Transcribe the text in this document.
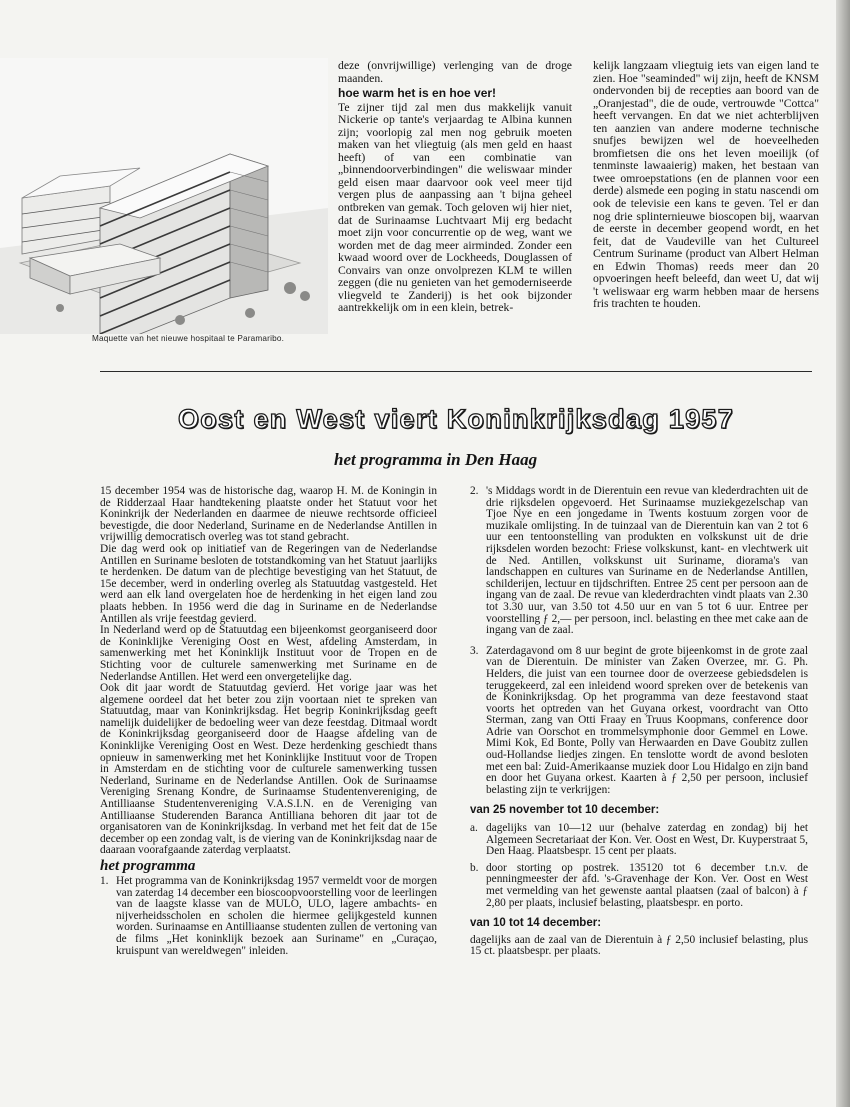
Maquette van het nieuwe hospitaal te Paramaribo.

deze (onvrijwillige) verlenging van de droge maanden.

hoe warm het is en hoe ver!

Te zijner tijd zal men dus makkelijk vanuit Nickerie op tante's verjaardag te Albina kunnen zijn; voorlopig zal men nog gebruik moeten maken van het vliegtuig (als men geld en haast heeft) of van een combinatie van „binnendoorverbindingen" die weliswaar minder geld eisen maar daarvoor ook veel meer tijd vergen plus de aanpassing aan 't bijna geheel ontbreken van gemak. Toch geloven wij hier niet, dat de Surinaamse Luchtvaart Mij erg bedacht moet zijn voor concurrentie op de weg, want we worden met de dag meer airminded. Zonder een kwaad woord over de Lockheeds, Douglassen of Convairs van onze onvolprezen KLM te willen zeggen (die nu genieten van het gemoderniseerde vliegveld te Zanderij) is het ook bijzonder aantrekkelijk om in een klein, betrek-

kelijk langzaam vliegtuig iets van eigen land te zien. Hoe "seaminded" wij zijn, heeft de KNSM ondervonden bij de recepties aan boord van de „Oranjestad", die de oude, vertrouwde "Cottca" heeft vervangen. En dat we niet achterblijven ten aanzien van andere moderne technische snufjes bewijzen wel de hoeveelheden bromfietsen die ons het leven moeilijk (of tenminste lawaaierig) maken, het bestaan van twee omroepstations (en de plannen voor een derde) alsmede een poging in statu nascendi om ook de televisie een kans te geven. Tel er dan nog drie splinternieuwe bioscopen bij, waarvan de eerste in december geopend wordt, en het feit, dat de Vaudeville van het Cultureel Centrum Suriname (product van Albert Helman en Edwin Thomas) reeds meer dan 20 opvoeringen heeft beleefd, dan weet U, dat wij 't weliswaar erg warm hebben maar de hersens fris trachten te houden.

Oost en West viert Koninkrijksdag 1957
het programma in Den Haag

15 december 1954 was de historische dag, waarop H. M. de Koningin in de Ridderzaal Haar handtekening plaatste onder het Statuut voor het Koninkrijk der Nederlanden en daarmee de nieuwe rechtsorde officieel bevestigde, die door Nederland, Suriname en de Nederlandse Antillen in vrijwillig democratisch overleg was tot stand gebracht.

Die dag werd ook op initiatief van de Regeringen van de Nederlandse Antillen en Suriname besloten de totstandkoming van het Statuut jaarlijks te herdenken. De datum van de plechtige bevestiging van het Statuut, de 15e december, werd in onderling overleg als Statuutdag vastgesteld. Het werd aan elk land overgelaten hoe de herdenking in het eigen land zou plaats hebben. In 1956 werd die dag in Suriname en de Nederlandse Antillen als vrije feestdag gevierd.

In Nederland werd op de Statuutdag een bijeenkomst georganiseerd door de Koninklijke Vereniging Oost en West, afdeling Amsterdam, in samenwerking met het Koninklijk Instituut voor de Tropen en de Stichting voor de culturele samenwerking met Suriname en de Nederlandse Antillen. Het werd een onvergetelijke dag.

Ook dit jaar wordt de Statuutdag gevierd. Het vorige jaar was het algemene oordeel dat het beter zou zijn voortaan niet te spreken van Statuutdag, maar van Koninkrijksdag. Het begrip Koninkrijksdag geeft namelijk duidelijker de bedoeling weer van deze feestdag. Ditmaal wordt de Koninkrijksdag georganiseerd door de Haagse afdeling van de Koninklijke Vereniging Oost en West. Deze herdenking geschiedt thans opnieuw in samenwerking met het Koninklijke Instituut voor de Tropen in Amsterdam en de stichting voor de culturele samenwerking tussen Nederland, Suriname en de Nederlandse Antillen. Ook de Surinaamse Vereniging Srenang Kondre, de Surinaamse Studentenvereniging, de Antilliaanse Studentenvereniging V.A.S.I.N. en de Vereniging van Antilliaanse Studerenden Baranca Antilliana behoren dit jaar tot de organisatoren van de Koninkrijksdag. In verband met het feit dat de 15e december op een zondag valt, is de viering van de Koninkrijksdag naar de daaraan voorafgaande zaterdag verplaatst.

het programma
1. Het programma van de Koninkrijksdag 1957 vermeldt voor de morgen van zaterdag 14 december een bioscoopvoorstelling voor de leerlingen van de laagste klasse van de MULO, ULO, lagere ambachts- en nijverheidsscholen en scholen die hiermee gelijkgesteld kunnen worden. Surinaamse en Antilliaanse studenten zullen de vertoning van de films „Het koninklijk bezoek aan Suriname" en „Curaçao, kruispunt van wereldwegen" inleiden.
2. 's Middags wordt in de Dierentuin een revue van klederdrachten uit de drie rijksdelen opgevoerd. Het Surinaamse muziekgezelschap van Tjoe Nye en een jongedame in Twents kostuum zorgen voor de muzikale omlijsting. In de tuinzaal van de Dierentuin kan van 2 tot 6 uur een tentoonstelling van produkten en volkskunst uit de drie rijksdelen worden bezocht: Friese volkskunst, kant- en vlechtwerk uit de Ned. Antillen, volkskunst uit Suriname, diorama's van landschappen en cultures van Suriname en de Nederlandse Antillen, schilderijen, lectuur en tijdschriften. Entree 25 cent per persoon aan de ingang van de zaal. De revue van klederdrachten vindt plaats van 2.30 tot 3.30 uur, van 3.50 tot 4.50 uur en van 5 tot 6 uur. Entree per voorstelling ƒ 2,— per persoon, incl. belasting en thee met cake aan de ingang van de zaal.
3. Zaterdagavond om 8 uur begint de grote bijeenkomst in de grote zaal van de Dierentuin. De minister van Zaken Overzee, mr. G. Ph. Helders, die juist van een tournee door de overzeese gebiedsdelen is teruggekeerd, zal een inleidend woord spreken over de betekenis van de Koninkrijksdag. Op het programma van deze feestavond staat voorts het optreden van het Guyana orkest, voordracht van Otto Sterman, zang van Otti Fraay en Truus Koopmans, conference door Adrie van Oorschot en trommelsymphonie door Gemmel en Lowe. Mimi Kok, Ed Bonte, Polly van Herwaarden en Dave Goubitz zullen oud-Hollandse liedjes zingen. En tenslotte wordt de avond besloten met een bal: Zuid-Amerikaanse muziek door Lou Hidalgo en zijn band en door het Guyana orkest. Kaarten à ƒ 2,50 per persoon, inclusief belasting zijn te verkrijgen:

van 25 november tot 10 december:

a. dagelijks van 10—12 uur (behalve zaterdag en zondag) bij het Algemeen Secretariaat der Kon. Ver. Oost en West, Dr. Kuyperstraat 5, Den Haag. Plaatsbespr. 15 cent per plaats.
b. door storting op postrek. 135120 tot 6 december t.n.v. de penningmeester der afd. 's-Gravenhage der Kon. Ver. Oost en West met vermelding van het gewenste aantal plaatsen (zaal of balcon) à ƒ 2,80 per plaats, inclusief belasting, plaatsbespr. en porto.

van 10 tot 14 december:

dagelijks aan de zaal van de Dierentuin à ƒ 2,50 inclusief belasting, plus 15 ct. plaatsbespr. per plaats.
